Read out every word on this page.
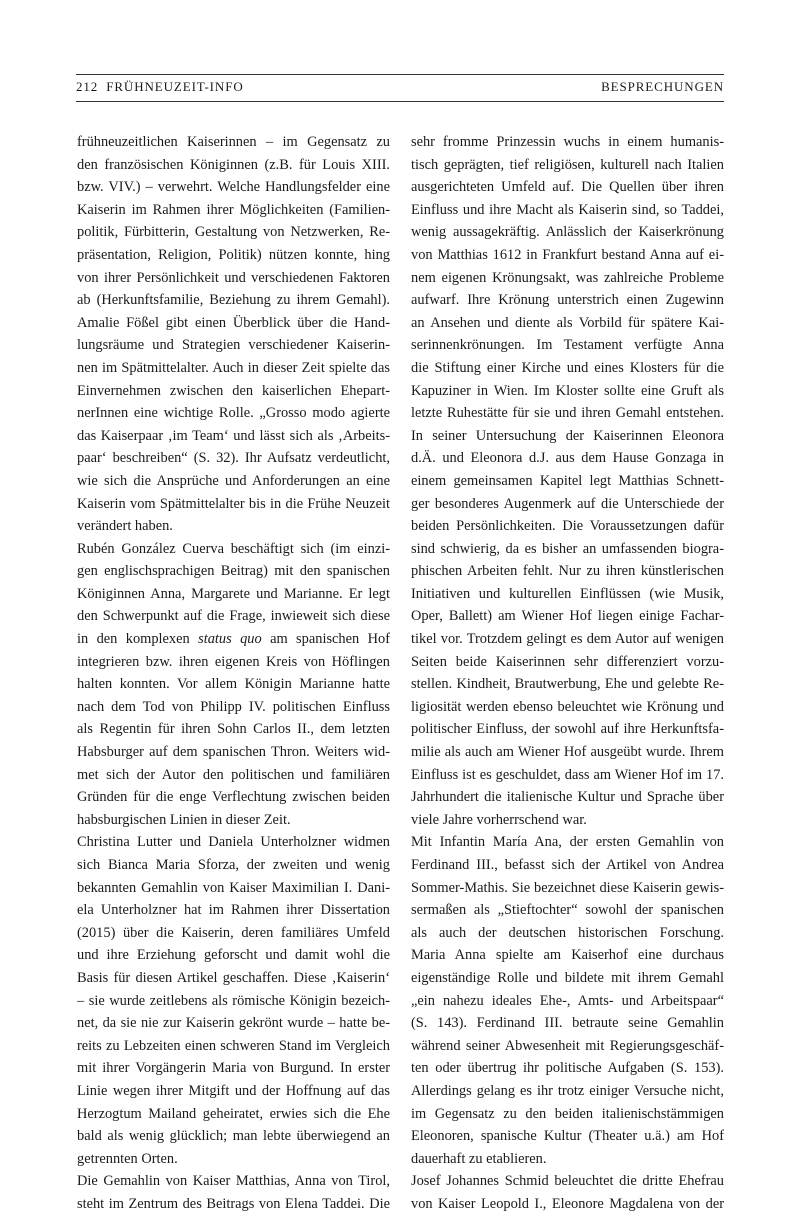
212 FRÜHNEUZEIT-INFO	BESPRECHUNGEN
frühneuzeitlichen Kaiserinnen – im Gegensatz zu
den französischen Königinnen (z.B. für Louis XIII.
bzw. VIV.) – verwehrt. Welche Handlungsfelder eine
Kaiserin im Rahmen ihrer Möglichkeiten (Familien-
politik, Fürbitterin, Gestaltung von Netzwerken, Re-
präsentation, Religion, Politik) nützen konnte, hing
von ihrer Persönlichkeit und verschiedenen Faktoren
ab (Herkunftsfamilie, Beziehung zu ihrem Gemahl).
Amalie Fößel gibt einen Überblick über die Hand-
lungsräume und Strategien verschiedener Kaiserin-
nen im Spätmittelalter. Auch in dieser Zeit spielte das
Einvernehmen zwischen den kaiserlichen Ehepart-
nerInnen eine wichtige Rolle. „Grosso modo agierte
das Kaiserpaar ‚im Team‘ und lässt sich als ‚Arbeits-
paar‘ beschreiben“ (S. 32). Ihr Aufsatz verdeutlicht,
wie sich die Ansprüche und Anforderungen an eine
Kaiserin vom Spätmittelalter bis in die Frühe Neuzeit
verändert haben.
Rubén González Cuerva beschäftigt sich (im einzi-
gen englischsprachigen Beitrag) mit den spanischen
Königinnen Anna, Margarete und Marianne. Er legt
den Schwerpunkt auf die Frage, inwieweit sich diese
in den komplexen status quo am spanischen Hof
integrieren bzw. ihren eigenen Kreis von Höflingen
halten konnten. Vor allem Königin Marianne hatte
nach dem Tod von Philipp IV. politischen Einfluss
als Regentin für ihren Sohn Carlos II., dem letzten
Habsburger auf dem spanischen Thron. Weiters wid-
met sich der Autor den politischen und familiären
Gründen für die enge Verflechtung zwischen beiden
habsburgischen Linien in dieser Zeit.
Christina Lutter und Daniela Unterholzner widmen
sich Bianca Maria Sforza, der zweiten und wenig
bekannten Gemahlin von Kaiser Maximilian I. Dani-
ela Unterholzner hat im Rahmen ihrer Dissertation
(2015) über die Kaiserin, deren familiäres Umfeld
und ihre Erziehung geforscht und damit wohl die
Basis für diesen Artikel geschaffen. Diese ‚Kaiserin‘
– sie wurde zeitlebens als römische Königin bezeich-
net, da sie nie zur Kaiserin gekrönt wurde – hatte be-
reits zu Lebzeiten einen schweren Stand im Vergleich
mit ihrer Vorgängerin Maria von Burgund. In erster
Linie wegen ihrer Mitgift und der Hoffnung auf das
Herzogtum Mailand geheiratet, erwies sich die Ehe
bald als wenig glücklich; man lebte überwiegend an
getrennten Orten.
Die Gemahlin von Kaiser Matthias, Anna von Tirol,
steht im Zentrum des Beitrags von Elena Taddei. Die
sehr fromme Prinzessin wuchs in einem humanis-
tisch geprägten, tief religiösen, kulturell nach Italien
ausgerichteten Umfeld auf. Die Quellen über ihren
Einfluss und ihre Macht als Kaiserin sind, so Taddei,
wenig aussagekräftig. Anlässlich der Kaiserkrönung
von Matthias 1612 in Frankfurt bestand Anna auf ei-
nem eigenen Krönungsakt, was zahlreiche Probleme
aufwarf. Ihre Krönung unterstrich einen Zugewinn
an Ansehen und diente als Vorbild für spätere Kai-
serinnenkrönungen. Im Testament verfügte Anna
die Stiftung einer Kirche und eines Klosters für die
Kapuziner in Wien. Im Kloster sollte eine Gruft als
letzte Ruhestätte für sie und ihren Gemahl entstehen.
In seiner Untersuchung der Kaiserinnen Eleonora
d.Ä. und Eleonora d.J. aus dem Hause Gonzaga in
einem gemeinsamen Kapitel legt Matthias Schnett-
ger besonderes Augenmerk auf die Unterschiede der
beiden Persönlichkeiten. Die Voraussetzungen dafür
sind schwierig, da es bisher an umfassenden biogra-
phischen Arbeiten fehlt. Nur zu ihren künstlerischen
Initiativen und kulturellen Einflüssen (wie Musik,
Oper, Ballett) am Wiener Hof liegen einige Fachar-
tikel vor. Trotzdem gelingt es dem Autor auf wenigen
Seiten beide Kaiserinnen sehr differenziert vorzu-
stellen. Kindheit, Brautwerbung, Ehe und gelebte Re-
ligiosität werden ebenso beleuchtet wie Krönung und
politischer Einfluss, der sowohl auf ihre Herkunftsfa-
milie als auch am Wiener Hof ausgeübt wurde. Ihrem
Einfluss ist es geschuldet, dass am Wiener Hof im 17.
Jahrhundert die italienische Kultur und Sprache über
viele Jahre vorherrschend war.
Mit Infantin María Ana, der ersten Gemahlin von
Ferdinand III., befasst sich der Artikel von Andrea
Sommer-Mathis. Sie bezeichnet diese Kaiserin gewis-
sermaßen als „Stieftochter“ sowohl der spanischen
als auch der deutschen historischen Forschung.
Maria Anna spielte am Kaiserhof eine durchaus
eigenständige Rolle und bildete mit ihrem Gemahl
„ein nahezu ideales Ehe-, Amts- und Arbeitspaar“
(S. 143). Ferdinand III. betraute seine Gemahlin
während seiner Abwesenheit mit Regierungsgeschäf-
ten oder übertrug ihr politische Aufgaben (S. 153).
Allerdings gelang es ihr trotz einiger Versuche nicht,
im Gegensatz zu den beiden italienischstämmigen
Eleonoren, spanische Kultur (Theater u.ä.) am Hof
dauerhaft zu etablieren.
Josef Johannes Schmid beleuchtet die dritte Ehefrau
von Kaiser Leopold I., Eleonore Magdalena von der
